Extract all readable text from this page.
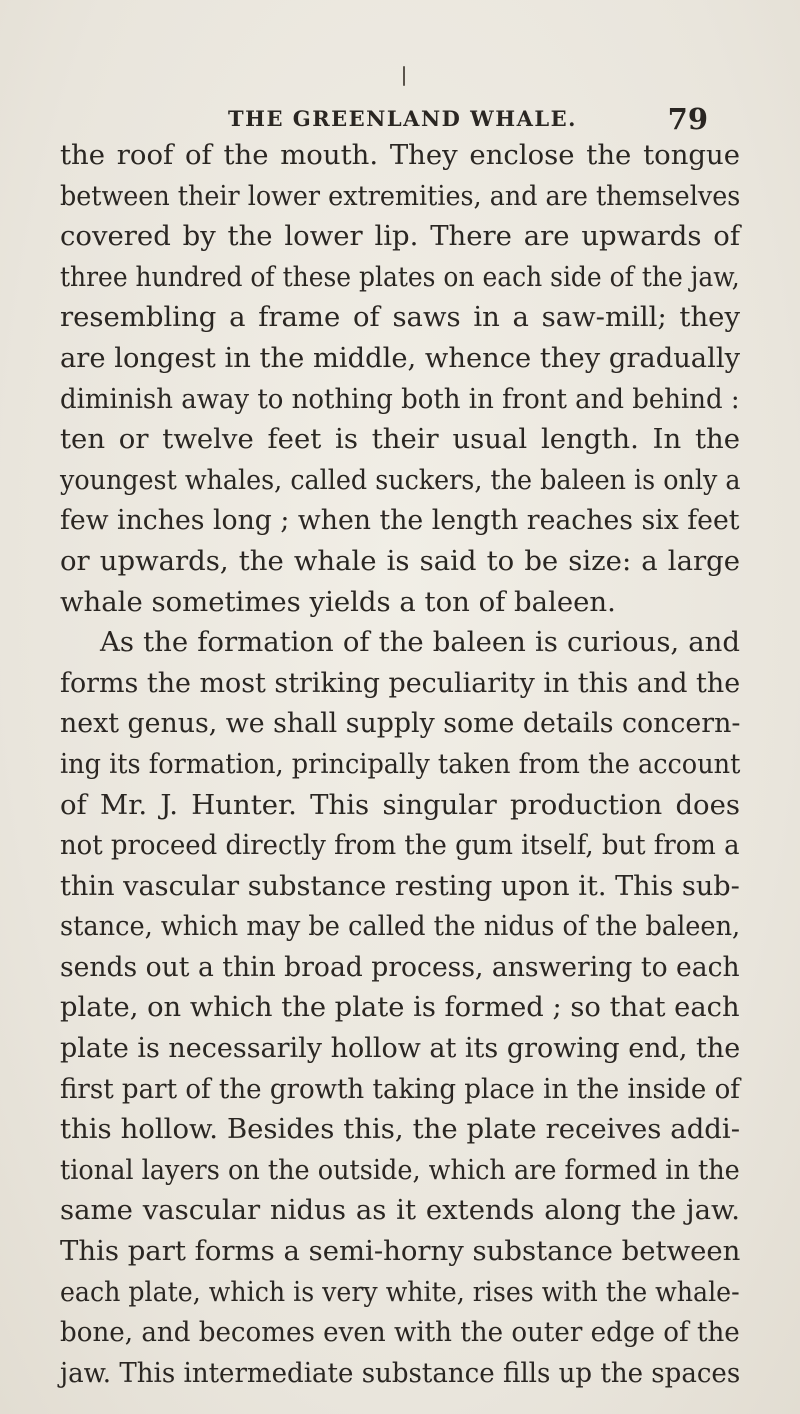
THE GREENLAND WHALE.	79
the roof of the mouth. They enclose the tongue
between their lower extremities, and are themselves
covered by the lower lip. There are upwards of
three hundred of these plates on each side of the jaw,
resembling a frame of saws in a saw-mill; they
are longest in the middle, whence they gradually
diminish away to nothing both in front and behind :
ten or twelve feet is their usual length. In the
youngest whales, called suckers, the baleen is only a
few inches long ; when the length reaches six feet
or upwards, the whale is said to be size: a large
whale sometimes yields a ton of baleen.
As the formation of the baleen is curious, and
forms the most striking peculiarity in this and the
next genus, we shall supply some details concern-
ing its formation, principally taken from the account
of Mr. J. Hunter. This singular production does
not proceed directly from the gum itself, but from a
thin vascular substance resting upon it. This sub-
stance, which may be called the nidus of the baleen,
sends out a thin broad process, answering to each
plate, on which the plate is formed ; so that each
plate is necessarily hollow at its growing end, the
first part of the growth taking place in the inside of
this hollow. Besides this, the plate receives addi-
tional layers on the outside, which are formed in the
same vascular nidus as it extends along the jaw.
This part forms a semi-horny substance between
each plate, which is very white, rises with the whale-
bone, and becomes even with the outer edge of the
jaw. This intermediate substance fills up the spaces
